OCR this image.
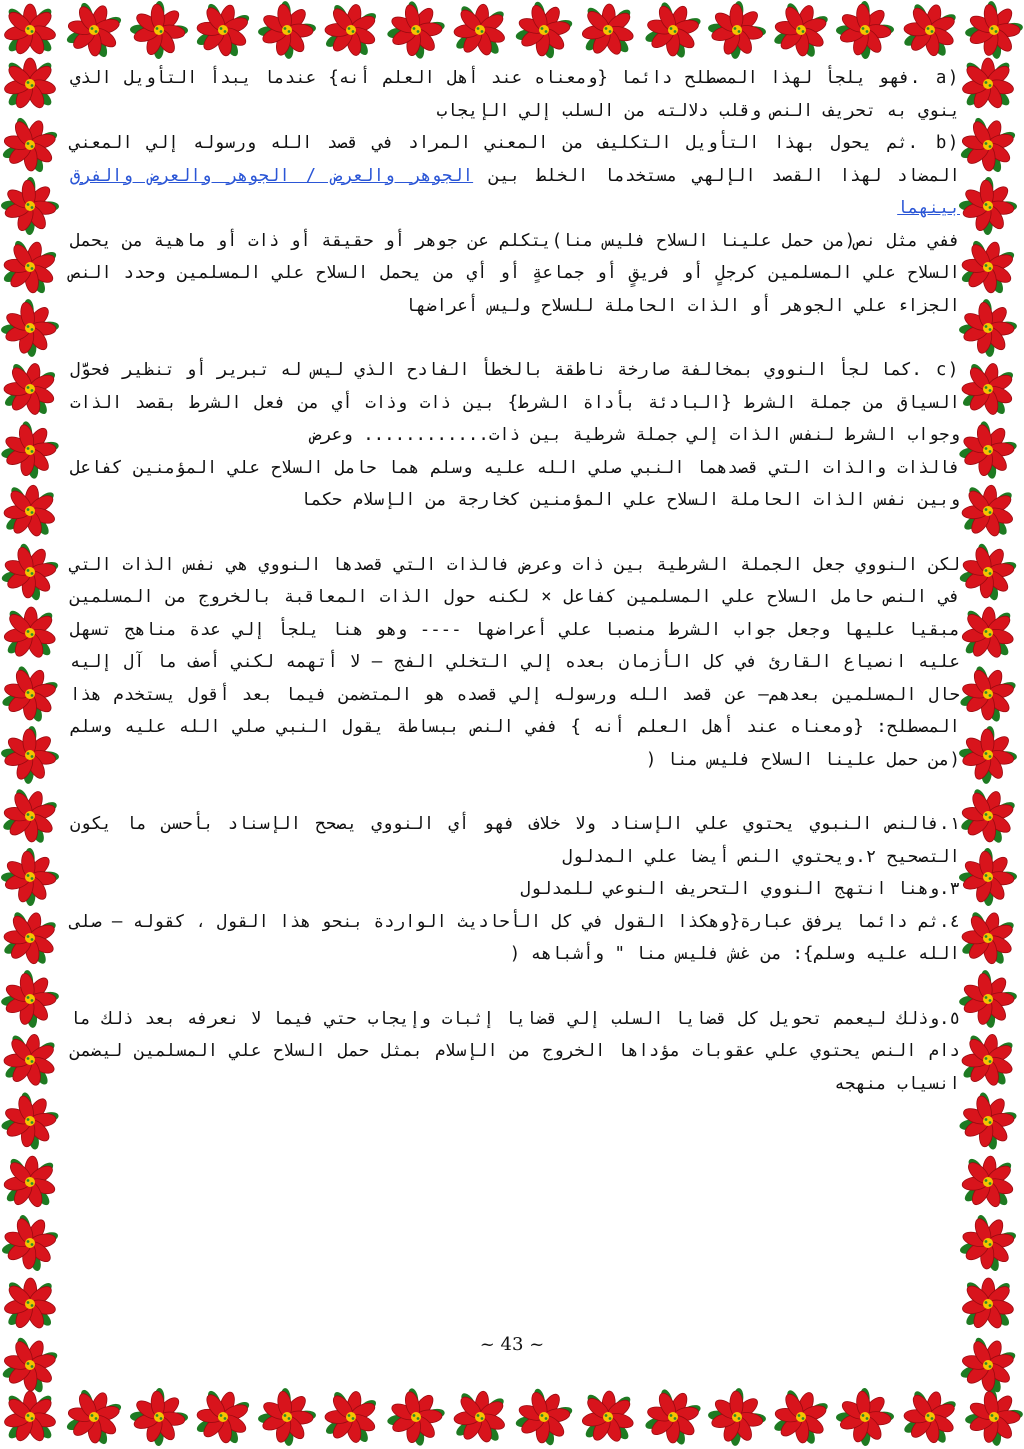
a) .فهو يلجأ لهذا المصطلح دائما {ومعناه عند أهل العلم أنه} عندما يبدأ التأويل الذي ينوي به تحريف النص وقلب دلالته من السلب إلي الإيجاب

b) .ثم يحول بهذا التأويل التكليف من المعني المراد في قصد الله ورسوله إلي المعني المضاد لهذا القصد الإلهي مستخدما الخلط بين الجوهر والعرض / الجوهر والعرض والفرق بينهما

ففي مثل نص(من حمل علينا السلاح فليس منا)يتكلم عن جوهر أو حقيقة أو ذات أو ماهية من يحمل السلاح علي المسلمين كرجلٍ أو فريقٍ أو جماعةٍ أو أي من يحمل السلاح علي المسلمين وحدد النص الجزاء علي الجوهر أو الذات الحاملة للسلاح وليس أعراضها

c) .كما لجأ النووي بمخالفة صارخة ناطقة بالخطأ الفادح الذي ليس له تبرير أو تنظير فحوَّل السياق من جملة الشرط {البادئة بأداة الشرط} بين ذات وذات أي من فعل الشرط بقصد الذات وجواب الشرط لنفس الذات إلي جملة شرطية بين ذات............ وعرض

فالذات والذات التي قصدهما النبي صلي الله عليه وسلم هما حامل السلاح علي المؤمنين كفاعل وبين نفس الذات الحاملة السلاح علي المؤمنين كخارجة من الإسلام حكما

لكن النووي جعل الجملة الشرطية بين ذات وعرض فالذات التي قصدها النووي هي نفس الذات التي في النص حامل السلاح علي المسلمين كفاعل × لكنه حول الذات المعاقبة بالخروج من المسلمين مبقيا عليها وجعل جواب الشرط منصبا علي أعراضها ---- وهو هنا يلجأ إلي عدة مناهج تسهل عليه انصياع القارئ في كل الأزمان بعده إلي التخلي الفج – لا أتهمه لكني أصف ما آل إليه حال المسلمين بعدهم– عن قصد الله ورسوله إلي قصده هو المتضمن فيما بعد أقول يستخدم هذا المصطلح: {ومعناه عند أهل العلم أنه } ففي النص ببساطة يقول النبي صلي الله عليه وسلم (من حمل علينا السلاح فليس منا (

١.فالنص النبوي يحتوي علي الإسناد ولا خلاف فهو أي النووي يصحح الإسناد بأحسن ما يكون التصحيح ٢.ويحتوي النص أيضا علي المدلول

٣.وهنا انتهج النووي التحريف النوعي للمدلول

٤.ثم دائما يرفق عبارة{وهكذا القول في كل الأحاديث الواردة بنحو هذا القول ، كقوله – صلى الله عليه وسلم}: من غش فليس منا " وأشباهه (

٥.وذلك ليعمم تحويل كل قضايا السلب إلي قضايا إثبات وإيجاب حتي فيما لا نعرفه بعد ذلك ما دام النص يحتوي علي عقوبات مؤداها الخروج من الإسلام بمثل حمل السلاح علي المسلمين ليضمن انسياب منهجه

~ 43 ~
